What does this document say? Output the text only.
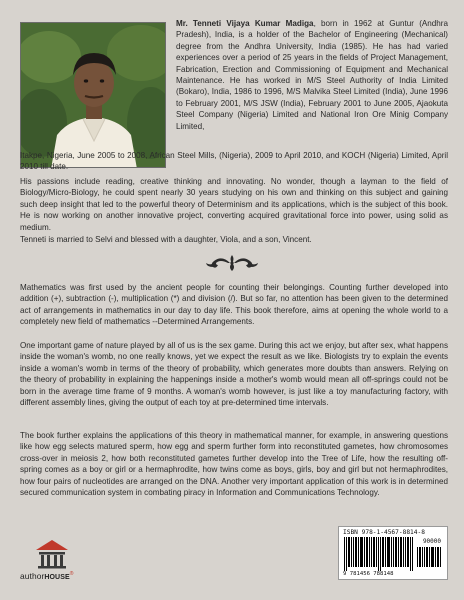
Mr. Tenneti Vijaya Kumar Madiga, born in 1962 at Guntur (Andhra Pradesh), India, is a holder of the Bachelor of Engineering (Mechanical) degree from the Andhra University, India (1985). He has had varied experiences over a period of 25 years in the fields of Project Management, Fabrication, Erection and Commissioning of Equipment and Mechanical Maintenance. He has worked in M/S Steel Authority of India Limited (Bokaro), India, 1986 to 1996, M/S Malvika Steel Limited (India), June 1996 to February 2001, M/S JSW (India), February 2001 to June 2005, Ajaokuta Steel Company (Nigeria) Limited and National Iron Ore Minig Company Limited,
Itakpe, Nigeria, June 2005 to 2008, African Steel Mills, (Nigeria), 2009 to April 2010, and KOCH (Nigeria) Limited, April 2010 till date.
His passions include reading, creative thinking and innovating. No wonder, though a layman to the field of Biology/Micro-Biology, he could spent nearly 30 years studying on his own and thinking on this subject and gaining such deep insight that led to the powerful theory of Determinism and its applications, which is the subject of this book. He is now working on another innovative project, converting acquired gravitational force into power, using solid as medium.
Tenneti is married to Selvi and blessed with a daughter, Viola, and a son, Vincent.
Mathematics was first used by the ancient people for counting their belongings. Counting further developed into addition (+), subtraction (-), multiplication (*) and division (/). But so far, no attention has been given to the determined act of arrangements in mathematics in our day to day life. This book therefore, aims at opening the whole world to a completely new field of mathematics --Determined Arrangements.
One important game of nature played by all of us is the sex game. During this act we enjoy, but after sex, what happens inside the woman's womb, no one really knows, yet we expect the result as we like. Biologists try to explain the events inside a woman's womb in terms of the theory of probability, which generates more doubts than answers. Relying on the theory of probability in explaining the happenings inside a mother's womb would mean all off-springs could not be born in the average time frame of 9 months. A woman's womb however, is just like a toy manufacturing factory, with different assembly lines, giving the output of each toy at pre-determined time intervals.
The book further explains the applications of this theory in mathematical manner, for example, in answering questions like how egg selects matured sperm, how egg and sperm further form into reconstituted gametes, how chromosomes cross-over in meiosis 2, how both reconstituted gametes further develop into the Tree of Life, how the resulting off-spring comes as a boy or girl or a hermaphrodite, how twins come as boys, girls, boy and girl but not hermaphrodites, how four pairs of nucleotides are arranged on the DNA. Another very important application of this work is in determined secured communication system in combating piracy in Information and Communications Technology.
ISBN 978-1-4567-8814-8
90000
9 781456 788148
authorHOUSE®
